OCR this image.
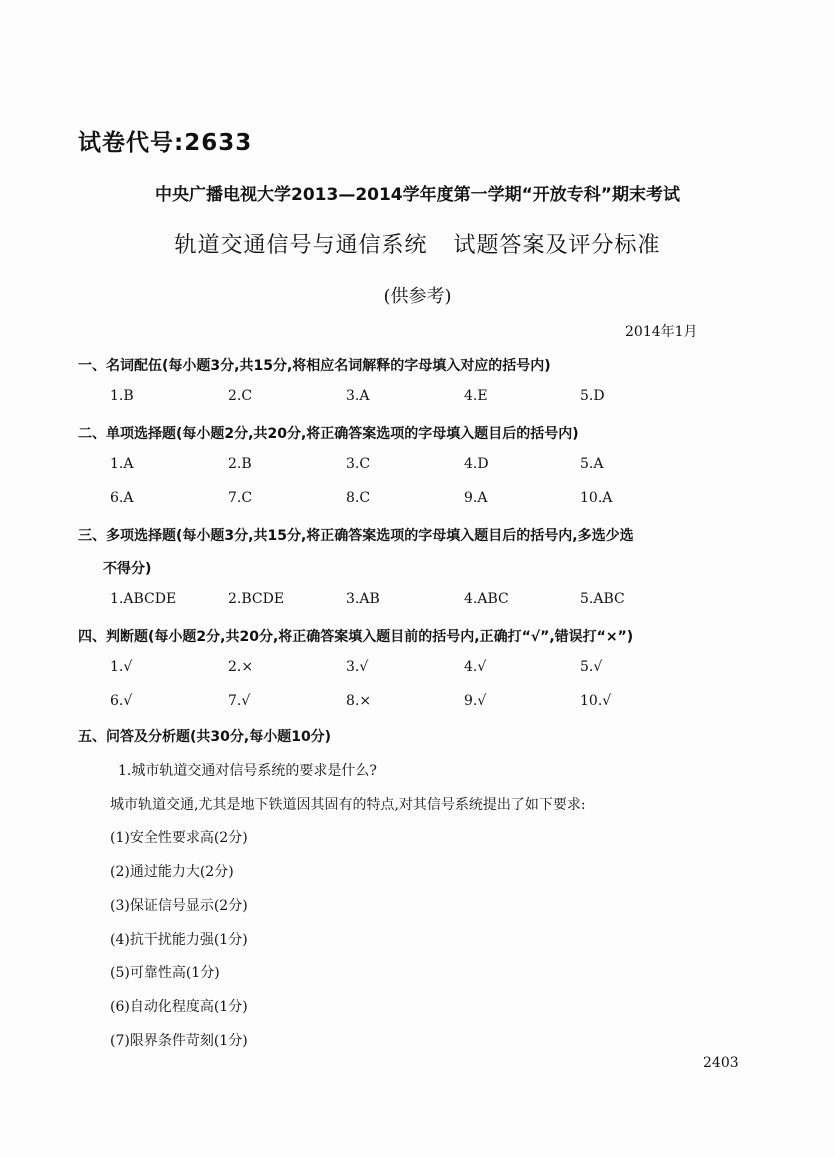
试卷代号:2633
中央广播电视大学2013—2014学年度第一学期“开放专科”期末考试
轨道交通信号与通信系统 试题答案及评分标准
(供参考)
2014年1月
一、名词配伍(每小题3分,共15分,将相应名词解释的字母填入对应的括号内)
1.B	2.C	3.A	4.E	5.D
二、单项选择题(每小题2分,共20分,将正确答案选项的字母填入题目后的括号内)
1.A	2.B	3.C	4.D	5.A
6.A	7.C	8.C	9.A	10.A
三、多项选择题(每小题3分,共15分,将正确答案选项的字母填入题目后的括号内,多选少选
不得分)
1.ABCDE	2.BCDE	3.AB	4.ABC	5.ABC
四、判断题(每小题2分,共20分,将正确答案填入题目前的括号内,正确打“√”,错误打“×”)
1.√	2.×	3.√	4.√	5.√
6.√	7.√	8.×	9.√	10.√
五、问答及分析题(共30分,每小题10分)
1.城市轨道交通对信号系统的要求是什么?
城市轨道交通,尤其是地下铁道因其固有的特点,对其信号系统提出了如下要求:
(1)安全性要求高(2分)
(2)通过能力大(2分)
(3)保证信号显示(2分)
(4)抗干扰能力强(1分)
(5)可靠性高(1分)
(6)自动化程度高(1分)
(7)限界条件苛刻(1分)
2403
